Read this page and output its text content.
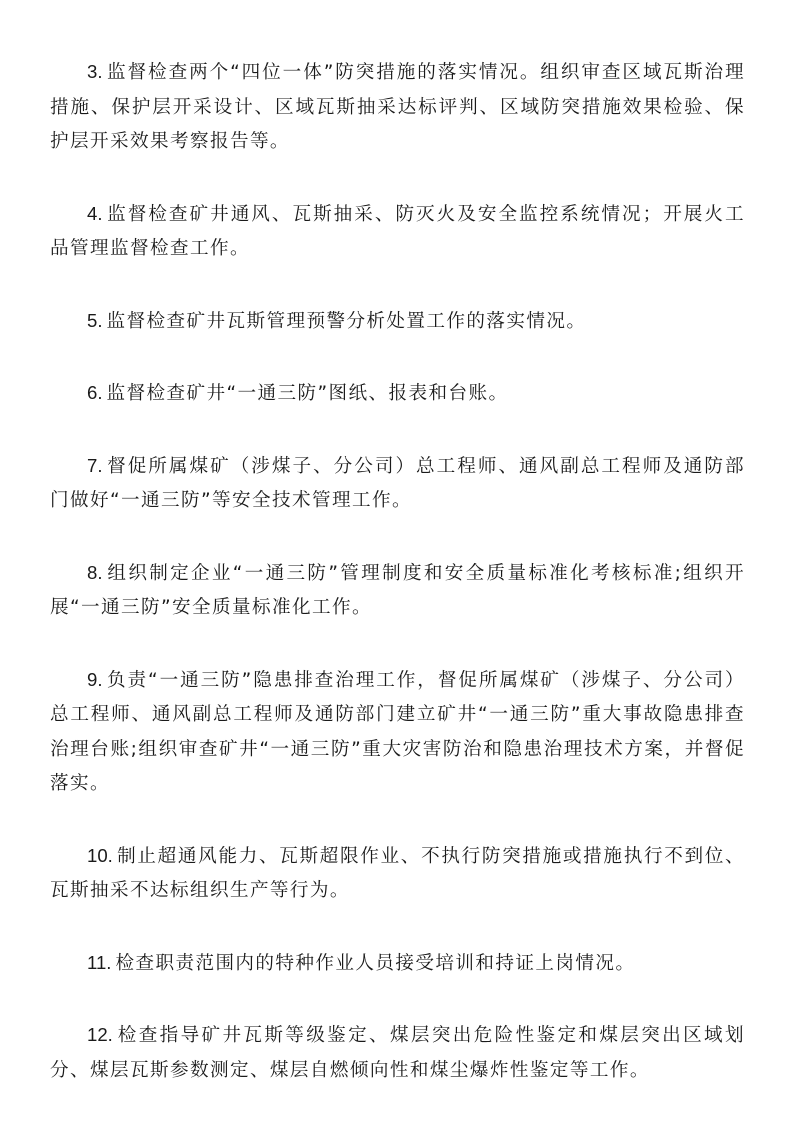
3. 监督检查两个“四位一体”防突措施的落实情况。组织审查区域瓦斯治理措施、保护层开采设计、区域瓦斯抽采达标评判、区域防突措施效果检验、保护层开采效果考察报告等。

4. 监督检查矿井通风、瓦斯抽采、防灭火及安全监控系统情况；开展火工品管理监督检查工作。

5. 监督检查矿井瓦斯管理预警分析处置工作的落实情况。

6. 监督检查矿井“一通三防”图纸、报表和台账。

7. 督促所属煤矿（涉煤子、分公司）总工程师、通风副总工程师及通防部门做好“一通三防”等安全技术管理工作。

8. 组织制定企业“一通三防”管理制度和安全质量标准化考核标准;组织开展“一通三防”安全质量标准化工作。

9. 负责“一通三防”隐患排查治理工作，督促所属煤矿（涉煤子、分公司）总工程师、通风副总工程师及通防部门建立矿井“一通三防”重大事故隐患排查治理台账;组织审查矿井“一通三防”重大灾害防治和隐患治理技术方案，并督促落实。

10. 制止超通风能力、瓦斯超限作业、不执行防突措施或措施执行不到位、瓦斯抽采不达标组织生产等行为。

11. 检查职责范围内的特种作业人员接受培训和持证上岗情况。

12. 检查指导矿井瓦斯等级鉴定、煤层突出危险性鉴定和煤层突出区域划分、煤层瓦斯参数测定、煤层自燃倾向性和煤尘爆炸性鉴定等工作。
